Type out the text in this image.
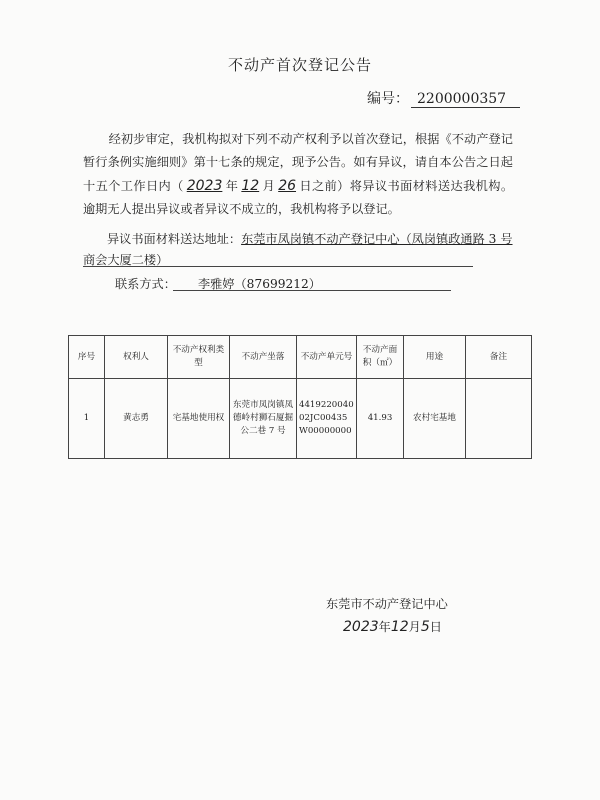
不动产首次登记公告
编号： 2200000357
经初步审定，我机构拟对下列不动产权利予以首次登记，根据《不动产登记暂行条例实施细则》第十七条的规定，现予公告。如有异议，请自本公告之日起十五个工作日内（ 2023 年 12 月 26 日之前）将异议书面材料送达我机构。逾期无人提出异议或者异议不成立的，我机构将予以登记。
异议书面材料送达地址：东莞市凤岗镇不动产登记中心（凤岗镇政通路 3 号
商会大厦二楼）
联系方式： 李雅婷（87699212）
序号	权利人	不动产权利类型	不动产坐落	不动产单元号	不动产面积（㎡）	用途	备注
1	黄志勇	宅基地使用权	东莞市凤岗镇凤德岭村狮石厦掘公二巷 7 号	441922004002JC00435W00000000	41.93	农村宅基地	
东莞市不动产登记中心
2023年12月5日
